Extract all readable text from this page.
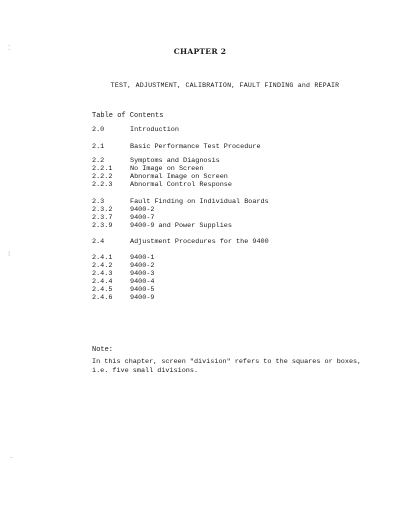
CHAPTER 2
TEST, ADJUSTMENT, CALIBRATION, FAULT FINDING and REPAIR
Table of Contents
2.0	Introduction
2.1	Basic Performance Test Procedure
2.2	Symptoms and Diagnosis
2.2.1	No Image on Screen
2.2.2	Abnormal Image on Screen
2.2.3	Abnormal Control Response
2.3	Fault Finding on Individual Boards
2.3.2	9400-2
2.3.7	9400-7
2.3.9	9400-9 and Power Supplies
2.4	Adjustment Procedures for the 9400
2.4.1	9400-1
2.4.2	9400-2
2.4.3	9400-3
2.4.4	9400-4
2.4.5	9400-5
2.4.6	9400-9
Note:
In this chapter, screen "division" refers to the squares or boxes,
i.e. five small divisions.
⁚
⁝
·
